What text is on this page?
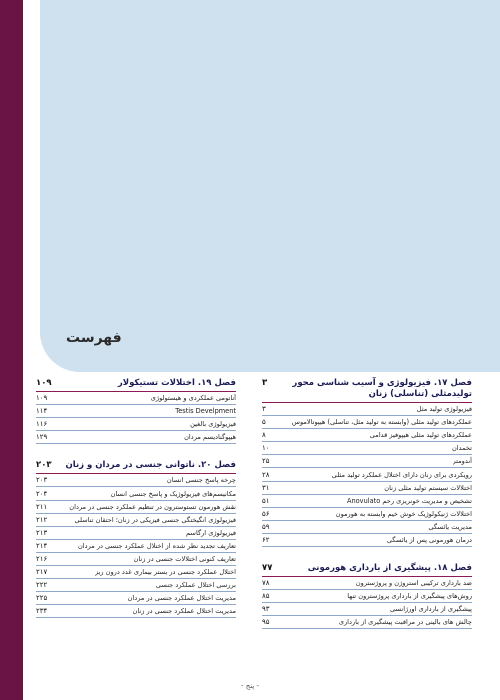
فهرست
فصل ۱۷. فیزیولوژی و آسیب شناسی محور تولیدمثلی (تناسلی) زنان
۳
فیزیولوژی تولید مثل
۳
عملکردهای تولید مثلی (وابسته به تولید مثل، تناسلی) هیپوتالاموس
۵
عملکردهای تولید مثلی هیپوفیز قدامی
۸
تخمدان
۱۰
آندومتر
۲۵
رویکردی برای زنان دارای اختلال عملکرد تولید مثلی
۲۸
اختلالات سیستم تولید مثلی زنان
۳۱
تشخیص و مدیریت خونریزی رحم Anovulato
۵۱
اختلالات ژنیکولوژیک خوش خیم وابسته به هورمون
۵۶
مدیریت یائسگی
۵۹
درمان هورمونی پس از یائسگی
۶۲
فصل ۱۸. پیشگیری از بارداری هورمونی
۷۷
ضد بارداری ترکیبی استروژن و پروژسترون
۷۸
روش‌های پیشگیری از بارداری پروژسترون تنها
۸۵
پیشگیری از بارداری اورژانسی
۹۳
چالش های بالینی در مراقبت پیشگیری از بارداری
۹۵
فصل ۱۹. اختلالات تستیکولار
۱۰۹
آناتومی عملکردی و هیستولوژی
۱۰۹
Testis Develpment
۱۱۴
فیزیولوژی بالغین
۱۱۶
هیپوگنادیسم مردان
۱۲۹
فصل ۲۰. ناتوانی جنسی در مردان و زنان
۲۰۳
چرخه پاسخ جنسی انسان
۲۰۳
مکانیسم‌های فیزیولوژیک و پاسخ جنسی انسان
۲۰۴
نقش هورمون تستوسترون در تنظیم عملکرد جنسی در مردان
۲۱۱
فیزیولوژی انگیختگی جنسی فیزیکی در زنان؛ احتقان تناسلی
۲۱۲
فیزیولوژی ارگاسم
۲۱۳
تعاریف تجدید نظر شده از اختلال عملکرد جنسی در مردان
۲۱۴
تعاریف کنونی اختلالات جنسی در زنان
۲۱۶
اختلال عملکرد جنسی در بستر بیماری غدد درون ریز
۲۱۷
بررسی اختلال عملکرد جنسی
۲۲۲
مدیریت اختلال عملکرد جنسی در مردان
۲۲۵
مدیریت اختلال عملکرد جنسی در زنان
۲۳۴
- پنج -
